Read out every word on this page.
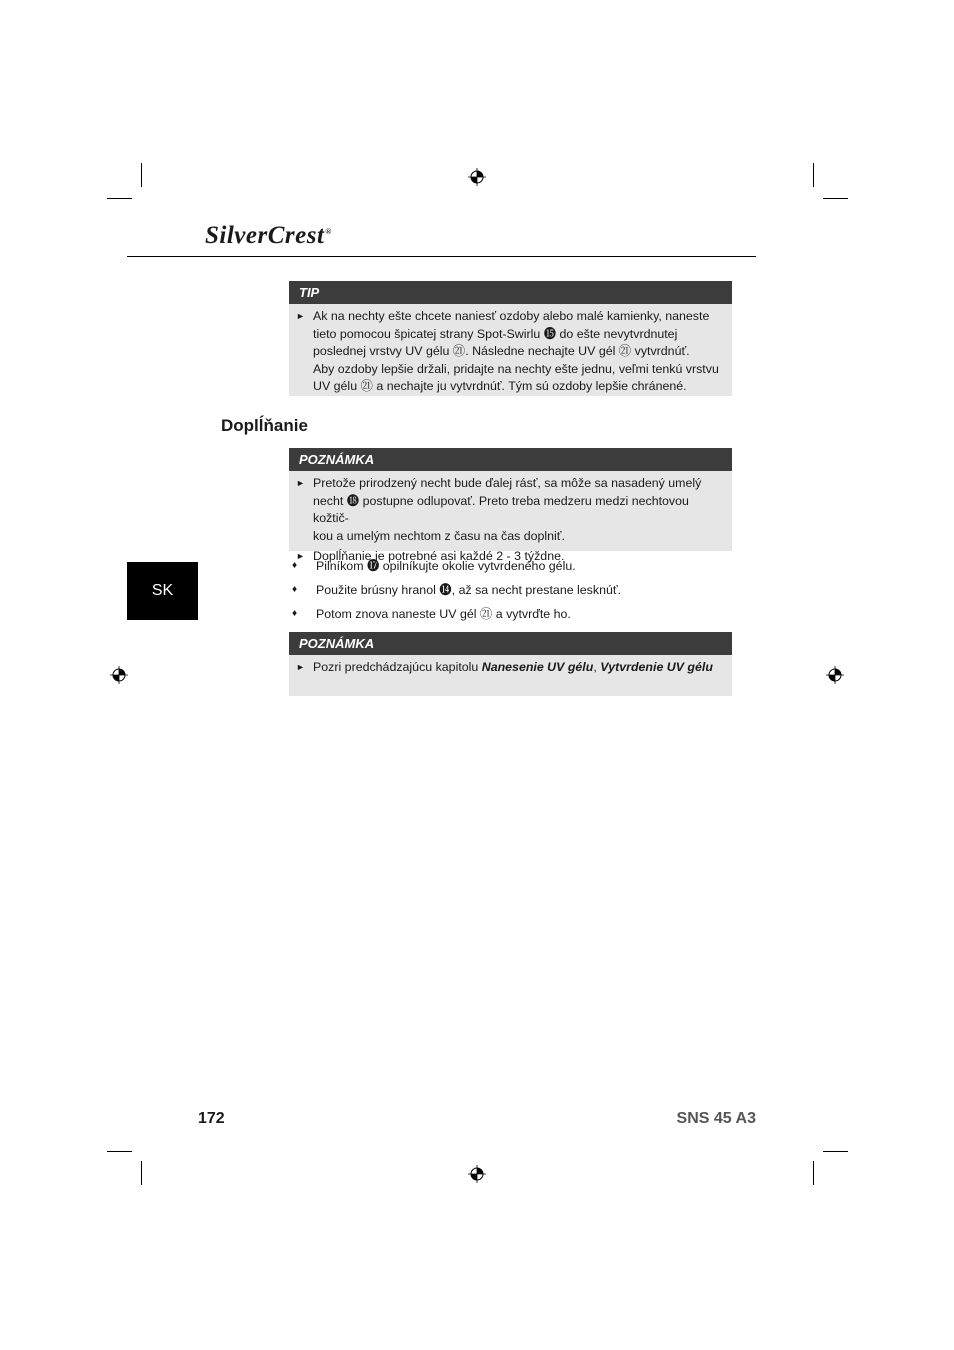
SilverCrest®
TIP
► Ak na nechty ešte chcete naniesť ozdoby alebo malé kamienky, naneste tieto pomocou špicatej strany Spot-Swirlu ⓯ do ešte nevytvrdnutej poslednej vrstvy UV gélu ㉑. Následne nechajte UV gél ㉑ vytvrdnúť.
Aby ozdoby lepšie držali, pridajte na nechty ešte jednu, veľmi tenkú vrstvu UV gélu ㉑ a nechajte ju vytvrdnúť. Tým sú ozdoby lepšie chránené.
Doplĺňanie
POZNÁMKA
► Pretože prirodzený necht bude ďalej rásť, sa môže sa nasadený umelý necht ⓲ postupne odlupovať. Preto treba medzeru medzi nechtovou kožtič-
kou a umelým nechtom z času na čas doplniť.
► Doplĺňanie je potrebné asi každé 2 - 3 týždne.
SK
♦	Pilníkom ⓱ opilníkujte okolie vytvrdeného gélu.
♦	Použite brúsny hranol ⓮, až sa necht prestane lesknúť.
♦	Potom znova naneste UV gél ㉑ a vytvrďte ho.
POZNÁMKA
► Pozri predchádzajúcu kapitolu Nanesenie UV gélu, Vytvrdenie UV gélu
172	SNS 45 A3
